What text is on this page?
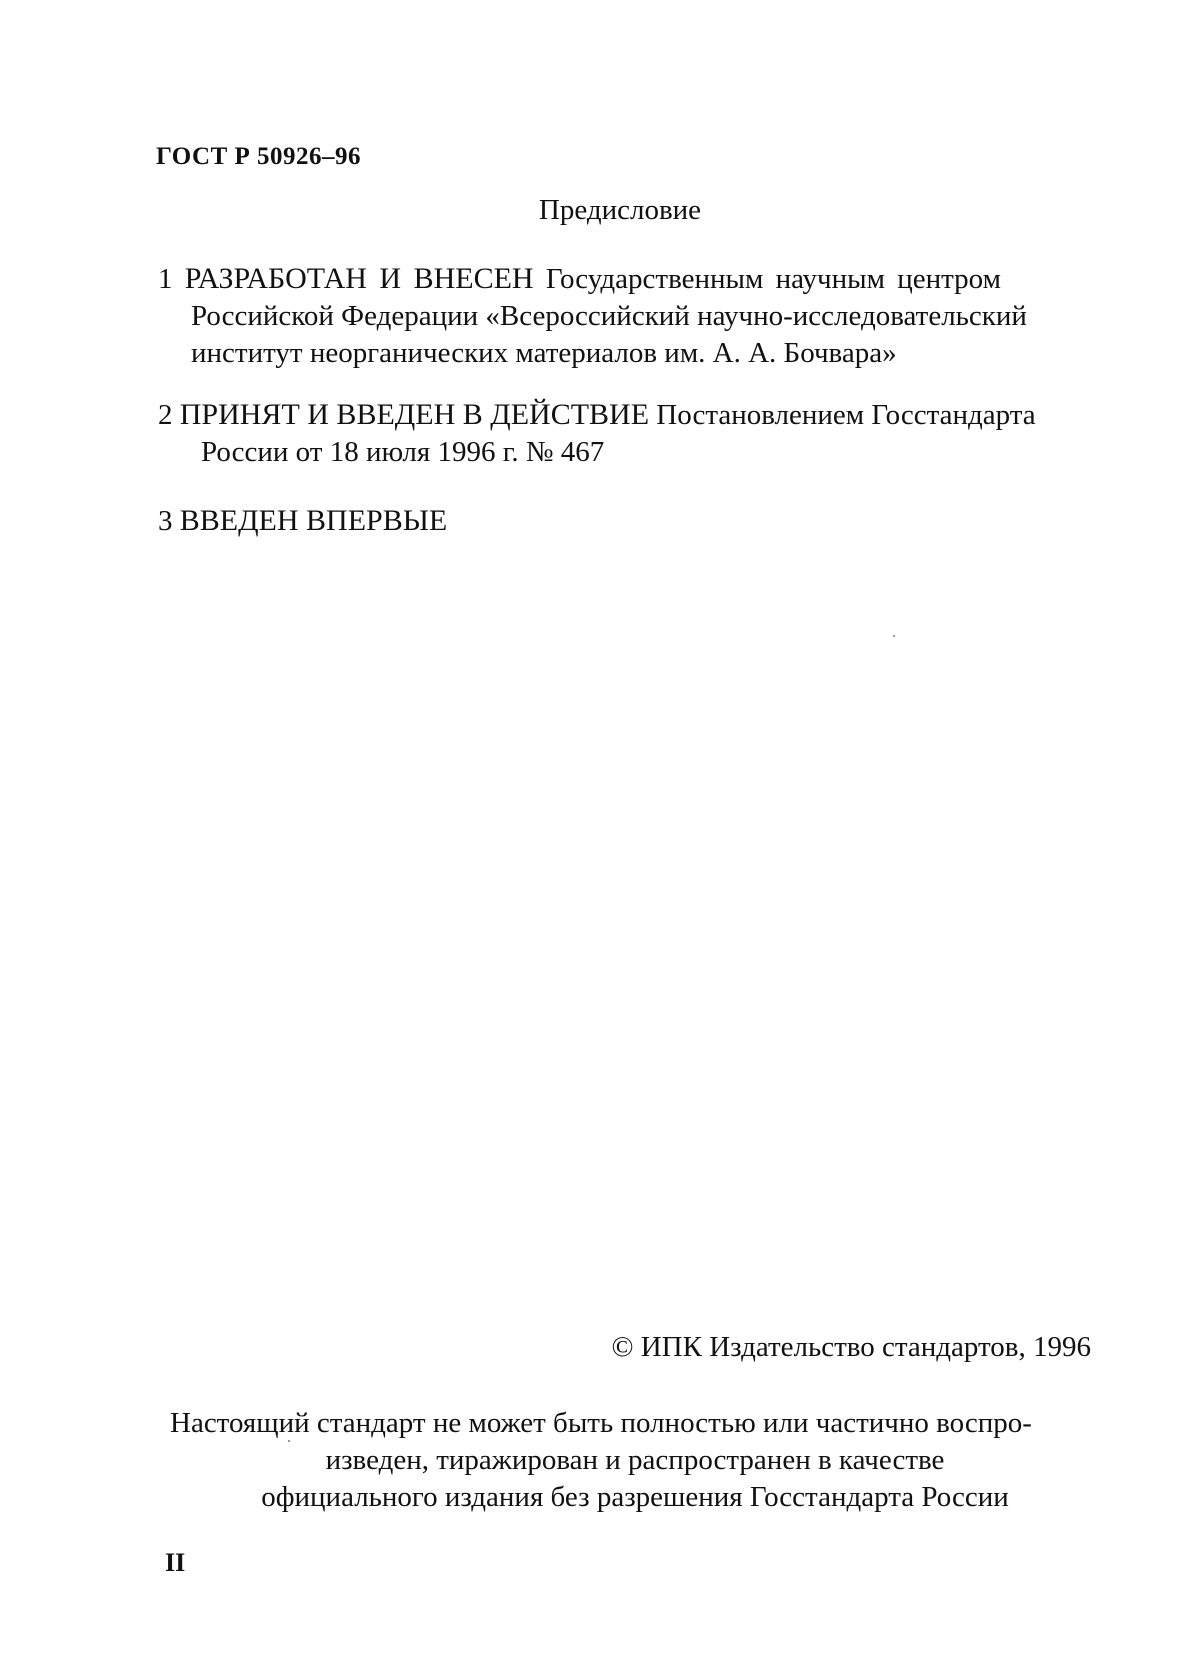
ГОСТ Р 50926–96
Предисловие
1 РАЗРАБОТАН И ВНЕСЕН Государственным научным центром
Российской Федерации «Всероссийский научно-исследовательский
институт неорганических материалов им. А. А. Бочвара»
2 ПРИНЯТ И ВВЕДЕН В ДЕЙСТВИЕ Постановлением Госстандарта
России от 18 июля 1996 г. № 467
3 ВВЕДЕН ВПЕРВЫЕ
© ИПК Издательство стандартов, 1996
Настоящий стандарт не может быть полностью или частично воспро-
изведен, тиражирован и распространен в качестве
официального издания без разрешения Госстандарта России
II
